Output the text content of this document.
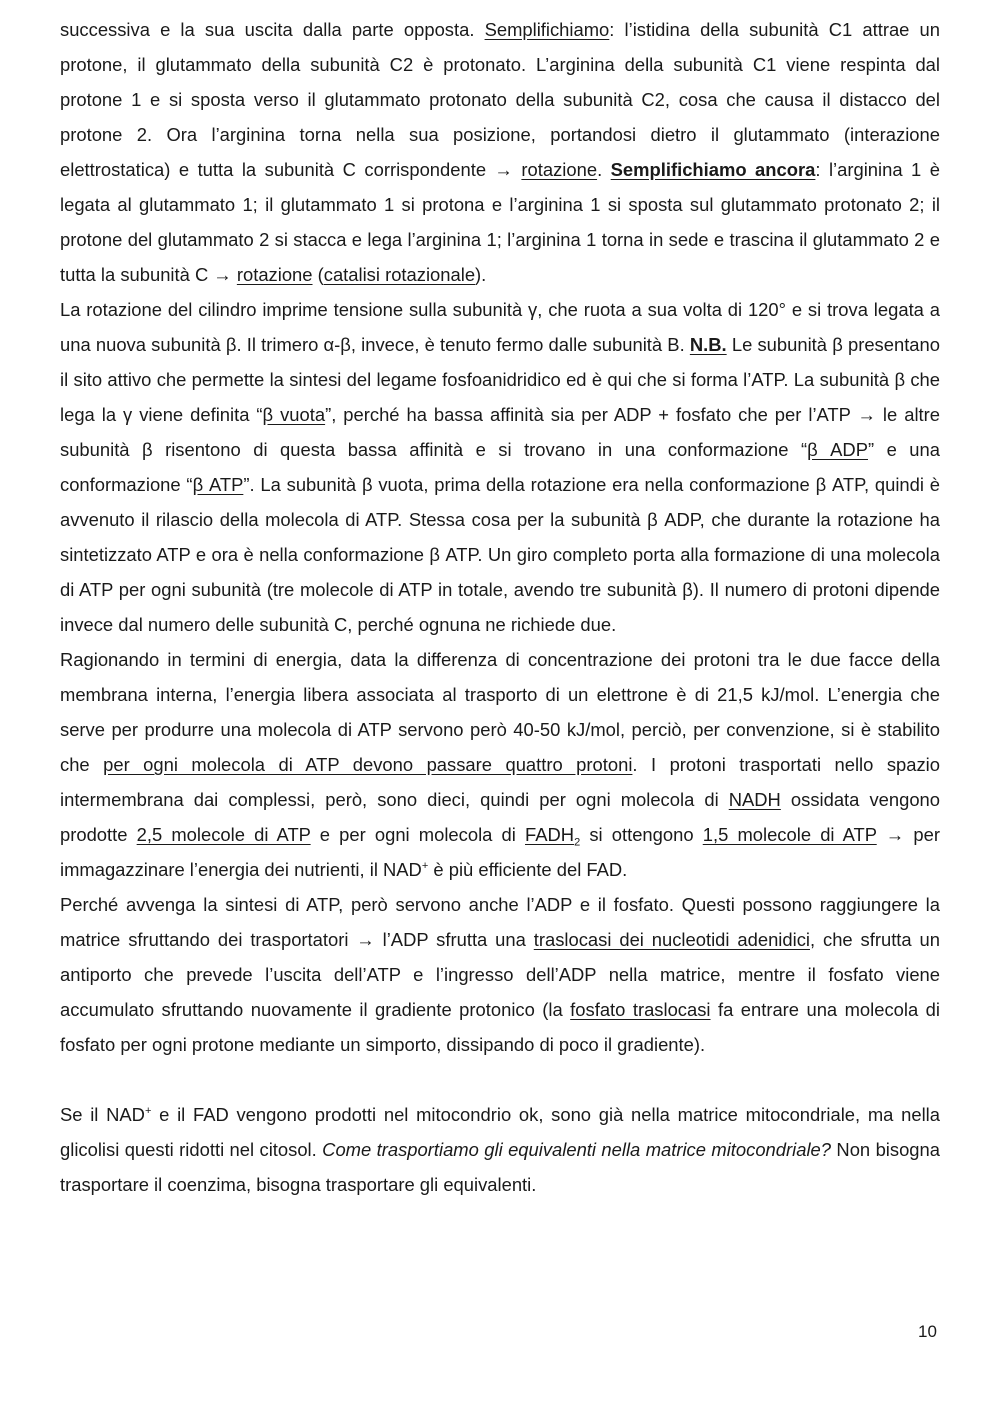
successiva e la sua uscita dalla parte opposta. Semplifichiamo: l’istidina della subunità C1 attrae un protone, il glutammato della subunità C2 è protonato. L’arginina della subunità C1 viene respinta dal protone 1 e si sposta verso il glutammato protonato della subunità C2, cosa che causa il distacco del protone 2. Ora l’arginina torna nella sua posizione, portandosi dietro il glutammato (interazione elettrostatica) e tutta la subunità C corrispondente → rotazione. Semplifichiamo ancora: l’arginina 1 è legata al glutammato 1; il glutammato 1 si protona e l’arginina 1 si sposta sul glutammato protonato 2; il protone del glutammato 2 si stacca e lega l’arginina 1; l’arginina 1 torna in sede e trascina il glutammato 2 e tutta la subunità C → rotazione (catalisi rotazionale).

La rotazione del cilindro imprime tensione sulla subunità γ, che ruota a sua volta di 120° e si trova legata a una nuova subunità β. Il trimero α-β, invece, è tenuto fermo dalle subunità B. N.B. Le subunità β presentano il sito attivo che permette la sintesi del legame fosfoanidridico ed è qui che si forma l’ATP. La subunità β che lega la γ viene definita “β vuota”, perché ha bassa affinità sia per ADP + fosfato che per l’ATP → le altre subunità β risentono di questa bassa affinità e si trovano in una conformazione “β ADP” e una conformazione “β ATP”. La subunità β vuota, prima della rotazione era nella conformazione β ATP, quindi è avvenuto il rilascio della molecola di ATP. Stessa cosa per la subunità β ADP, che durante la rotazione ha sintetizzato ATP e ora è nella conformazione β ATP. Un giro completo porta alla formazione di una molecola di ATP per ogni subunità (tre molecole di ATP in totale, avendo tre subunità β). Il numero di protoni dipende invece dal numero delle subunità C, perché ognuna ne richiede due.

Ragionando in termini di energia, data la differenza di concentrazione dei protoni tra le due facce della membrana interna, l’energia libera associata al trasporto di un elettrone è di 21,5 kJ/mol. L’energia che serve per produrre una molecola di ATP servono però 40-50 kJ/mol, perciò, per convenzione, si è stabilito che per ogni molecola di ATP devono passare quattro protoni. I protoni trasportati nello spazio intermembrana dai complessi, però, sono dieci, quindi per ogni molecola di NADH ossidata vengono prodotte 2,5 molecole di ATP e per ogni molecola di $FADH_2$ si ottengono 1,5 molecole di ATP → per immagazzinare l’energia dei nutrienti, il NAD+ è più efficiente del FAD.

Perché avvenga la sintesi di ATP, però servono anche l’ADP e il fosfato. Questi possono raggiungere la matrice sfruttando dei trasportatori → l’ADP sfrutta una traslocasi dei nucleotidi adenidici, che sfrutta un antiporto che prevede l’uscita dell’ATP e l’ingresso dell’ADP nella matrice, mentre il fosfato viene accumulato sfruttando nuovamente il gradiente protonico (la fosfato traslocasi fa entrare una molecola di fosfato per ogni protone mediante un simporto, dissipando di poco il gradiente).

Se il NAD+ e il FAD vengono prodotti nel mitocondrio ok, sono già nella matrice mitocondriale, ma nella glicolisi questi ridotti nel citosol. Come trasportiamo gli equivalenti nella matrice mitocondriale? Non bisogna trasportare il coenzima, bisogna trasportare gli equivalenti.

10
